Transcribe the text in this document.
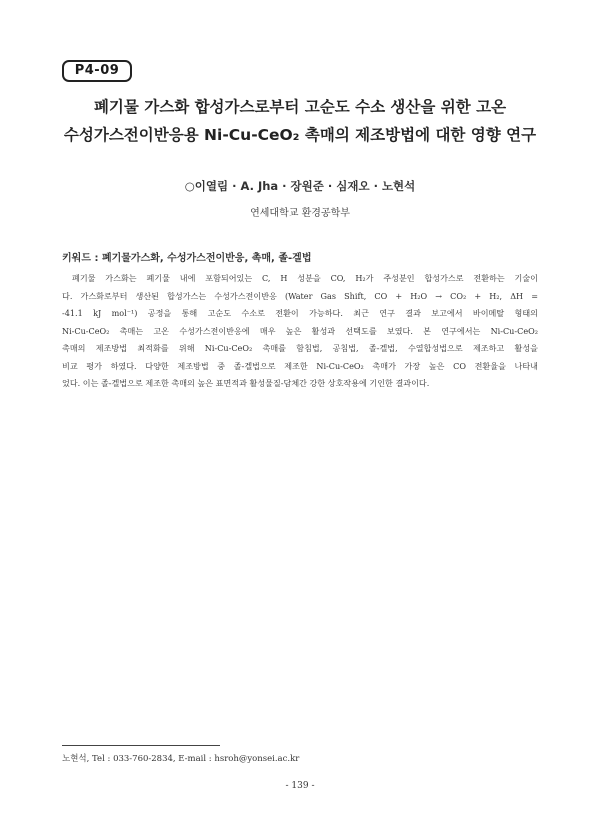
P4-09
폐기물 가스화 합성가스로부터 고순도 수소 생산을 위한 고온
수성가스전이반응용 Ni-Cu-CeO₂ 촉매의 제조방법에 대한 영향 연구
○이열림 · A. Jha · 장원준 · 심재오 · 노현석
연세대학교 환경공학부
키워드 : 폐기물가스화, 수성가스전이반응, 촉매, 졸-겔법
폐기물 가스화는 폐기물 내에 포함되어있는 C, H 성분을 CO, H₂가 주성분인 합성가스로 전환하는 기술이
다. 가스화로부터 생산된 합성가스는 수성가스전이반응 (Water Gas Shift, CO + H₂O → CO₂ + H₂, ΔH =
-41.1 kJ mol⁻¹) 공정을 통해 고순도 수소로 전환이 가능하다. 최근 연구 결과 보고에서 바이메탈 형태의
Ni-Cu-CeO₂ 촉매는 고온 수성가스전이반응에 매우 높은 활성과 선택도를 보였다. 본 연구에서는 Ni-Cu-CeO₂
촉매의 제조방법 최적화를 위해 Ni-Cu-CeO₂ 촉매를 함침법, 공침법, 졸-겔법, 수열합성법으로 제조하고 활성을
비교 평가 하였다. 다양한 제조방법 중 졸-겔법으로 제조한 Ni-Cu-CeO₂ 촉매가 가장 높은 CO 전환율을 나타내
었다. 이는 졸-겔법으로 제조한 촉매의 높은 표면적과 활성물질-담체간 강한 상호작용에 기인한 결과이다.
노현석, Tel : 033-760-2834, E-mail : hsroh@yonsei.ac.kr
- 139 -
